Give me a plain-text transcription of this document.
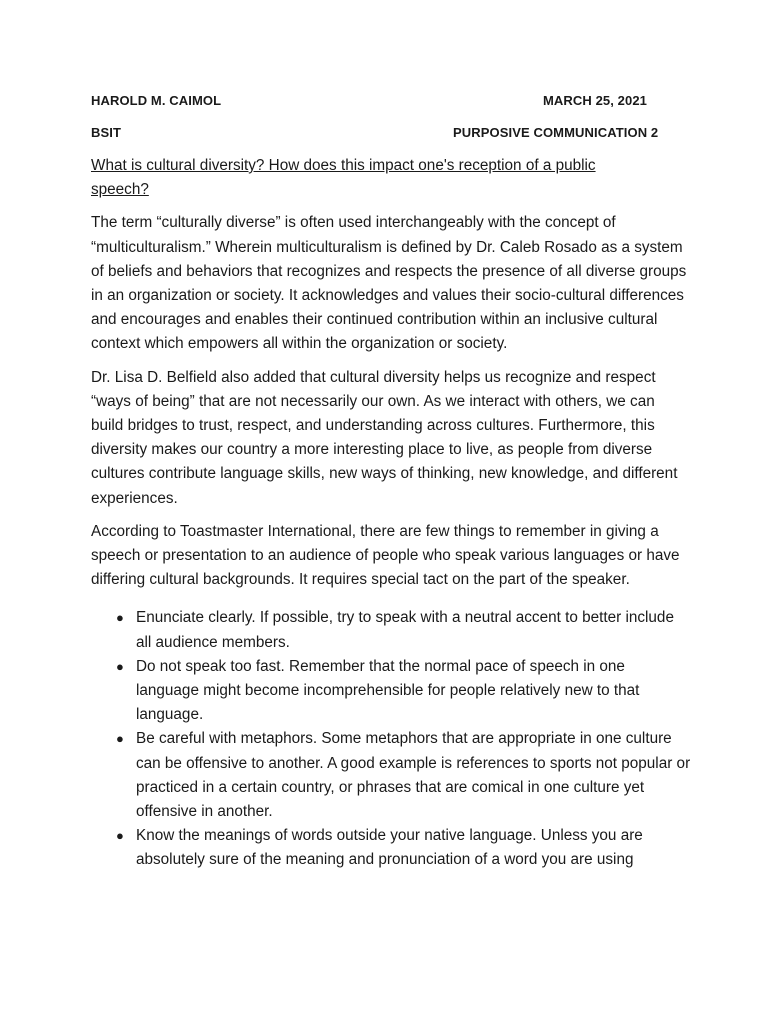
HAROLD M. CAIMOL	MARCH 25, 2021
BSIT	PURPOSIVE COMMUNICATION 2

What is cultural diversity? How does this impact one's reception of a public speech?

The term “culturally diverse” is often used interchangeably with the concept of “multiculturalism.” Wherein multiculturalism is defined by Dr. Caleb Rosado as a system of beliefs and behaviors that recognizes and respects the presence of all diverse groups in an organization or society. It acknowledges and values their socio-cultural differences and encourages and enables their continued contribution within an inclusive cultural context which empowers all within the organization or society.

Dr. Lisa D. Belfield also added that cultural diversity helps us recognize and respect “ways of being” that are not necessarily our own. As we interact with others, we can build bridges to trust, respect, and understanding across cultures. Furthermore, this diversity makes our country a more interesting place to live, as people from diverse cultures contribute language skills, new ways of thinking, new knowledge, and different experiences.

According to Toastmaster International, there are few things to remember in giving a speech or presentation to an audience of people who speak various languages or have differing cultural backgrounds. It requires special tact on the part of the speaker.

● Enunciate clearly. If possible, try to speak with a neutral accent to better include all audience members.
● Do not speak too fast. Remember that the normal pace of speech in one language might become incomprehensible for people relatively new to that language.
● Be careful with metaphors. Some metaphors that are appropriate in one culture can be offensive to another. A good example is references to sports not popular or practiced in a certain country, or phrases that are comical in one culture yet offensive in another.
● Know the meanings of words outside your native language. Unless you are absolutely sure of the meaning and pronunciation of a word you are using
